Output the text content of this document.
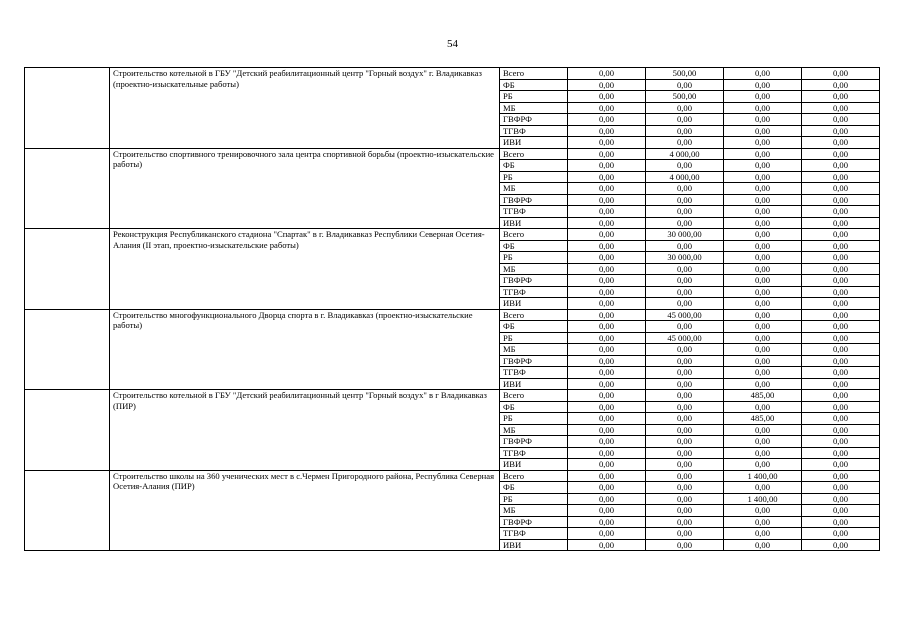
54
	Строительство котельной в ГБУ "Детский реабилитационный центр "Горный воздух" г. Владикавказ (проектно-изыскательные работы)	Всего	0,00	500,00	0,00	0,00
		ФБ	0,00	0,00	0,00	0,00
		РБ	0,00	500,00	0,00	0,00
		МБ	0,00	0,00	0,00	0,00
		ГВФРФ	0,00	0,00	0,00	0,00
		ТГВФ	0,00	0,00	0,00	0,00
		ИВИ	0,00	0,00	0,00	0,00
	Строительство спортивного тренировочного зала центра спортивной борьбы (проектно-изыскательские работы)	Всего	0,00	4 000,00	0,00	0,00
		ФБ	0,00	0,00	0,00	0,00
		РБ	0,00	4 000,00	0,00	0,00
		МБ	0,00	0,00	0,00	0,00
		ГВФРФ	0,00	0,00	0,00	0,00
		ТГВФ	0,00	0,00	0,00	0,00
		ИВИ	0,00	0,00	0,00	0,00
	Реконструкция Республиканского стадиона "Спартак" в г. Владикавказ Республики Северная Осетия-Алания (II этап, проектно-изыскательские работы)	Всего	0,00	30 000,00	0,00	0,00
		ФБ	0,00	0,00	0,00	0,00
		РБ	0,00	30 000,00	0,00	0,00
		МБ	0,00	0,00	0,00	0,00
		ГВФРФ	0,00	0,00	0,00	0,00
		ТГВФ	0,00	0,00	0,00	0,00
		ИВИ	0,00	0,00	0,00	0,00
	Строительство многофункционального Дворца спорта в г. Владикавказ (проектно-изыскательские работы)	Всего	0,00	45 000,00	0,00	0,00
		ФБ	0,00	0,00	0,00	0,00
		РБ	0,00	45 000,00	0,00	0,00
		МБ	0,00	0,00	0,00	0,00
		ГВФРФ	0,00	0,00	0,00	0,00
		ТГВФ	0,00	0,00	0,00	0,00
		ИВИ	0,00	0,00	0,00	0,00
	Строительство котельной в ГБУ "Детский реабилитационный центр "Горный воздух" в г Владикавказ (ПИР)	Всего	0,00	0,00	485,00	0,00
		ФБ	0,00	0,00	0,00	0,00
		РБ	0,00	0,00	485,00	0,00
		МБ	0,00	0,00	0,00	0,00
		ГВФРФ	0,00	0,00	0,00	0,00
		ТГВФ	0,00	0,00	0,00	0,00
		ИВИ	0,00	0,00	0,00	0,00
	Строительство школы на 360 ученических мест в с.Чермен Пригородного района, Республика Северная Осетия-Алания (ПИР)	Всего	0,00	0,00	1 400,00	0,00
		ФБ	0,00	0,00	0,00	0,00
		РБ	0,00	0,00	1 400,00	0,00
		МБ	0,00	0,00	0,00	0,00
		ГВФРФ	0,00	0,00	0,00	0,00
		ТГВФ	0,00	0,00	0,00	0,00
		ИВИ	0,00	0,00	0,00	0,00
